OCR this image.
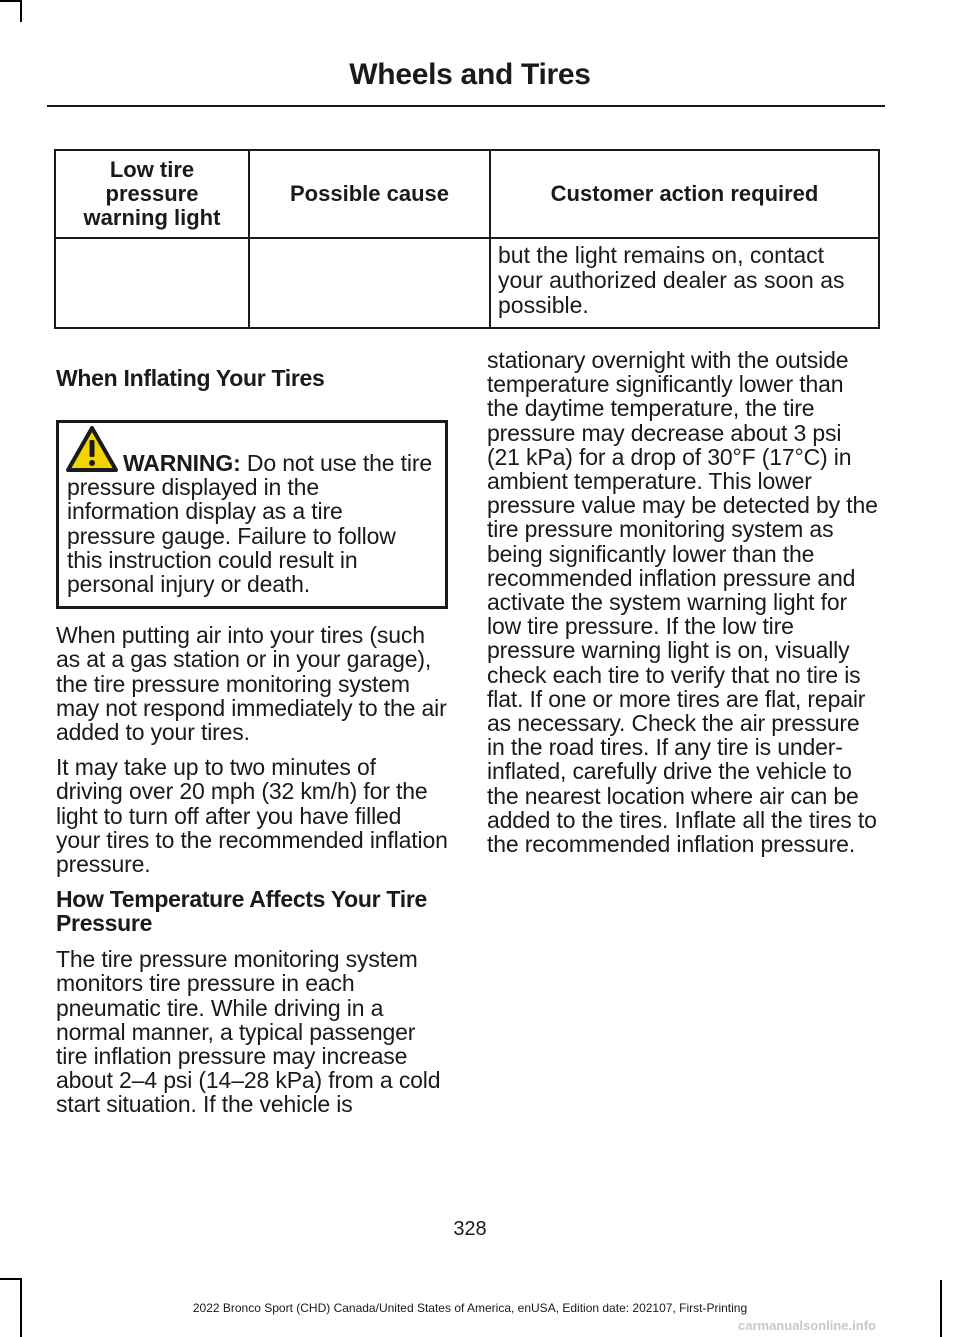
Wheels and Tires
Low tire pressure warning light	Possible cause	Customer action required
		but the light remains on, contact your authorized dealer as soon as possible.
When Inflating Your Tires

WARNING: Do not use the tire pressure displayed in the information display as a tire pressure gauge. Failure to follow this instruction could result in personal injury or death.

When putting air into your tires (such as at a gas station or in your garage), the tire pressure monitoring system may not respond immediately to the air added to your tires.

It may take up to two minutes of driving over 20 mph (32 km/h) for the light to turn off after you have filled your tires to the recommended inflation pressure.

How Temperature Affects Your Tire Pressure

The tire pressure monitoring system monitors tire pressure in each pneumatic tire. While driving in a normal manner, a typical passenger tire inflation pressure may increase about 2–4 psi (14–28 kPa) from a cold start situation. If the vehicle is

stationary overnight with the outside temperature significantly lower than the daytime temperature, the tire pressure may decrease about 3 psi (21 kPa) for a drop of 30°F (17°C) in ambient temperature. This lower pressure value may be detected by the tire pressure monitoring system as being significantly lower than the recommended inflation pressure and activate the system warning light for low tire pressure. If the low tire pressure warning light is on, visually check each tire to verify that no tire is flat. If one or more tires are flat, repair as necessary. Check the air pressure in the road tires. If any tire is under-inflated, carefully drive the vehicle to the nearest location where air can be added to the tires. Inflate all the tires to the recommended inflation pressure.

328
2022 Bronco Sport (CHD) Canada/United States of America, enUSA, Edition date: 202107, First-Printing
carmanualsonline.info
